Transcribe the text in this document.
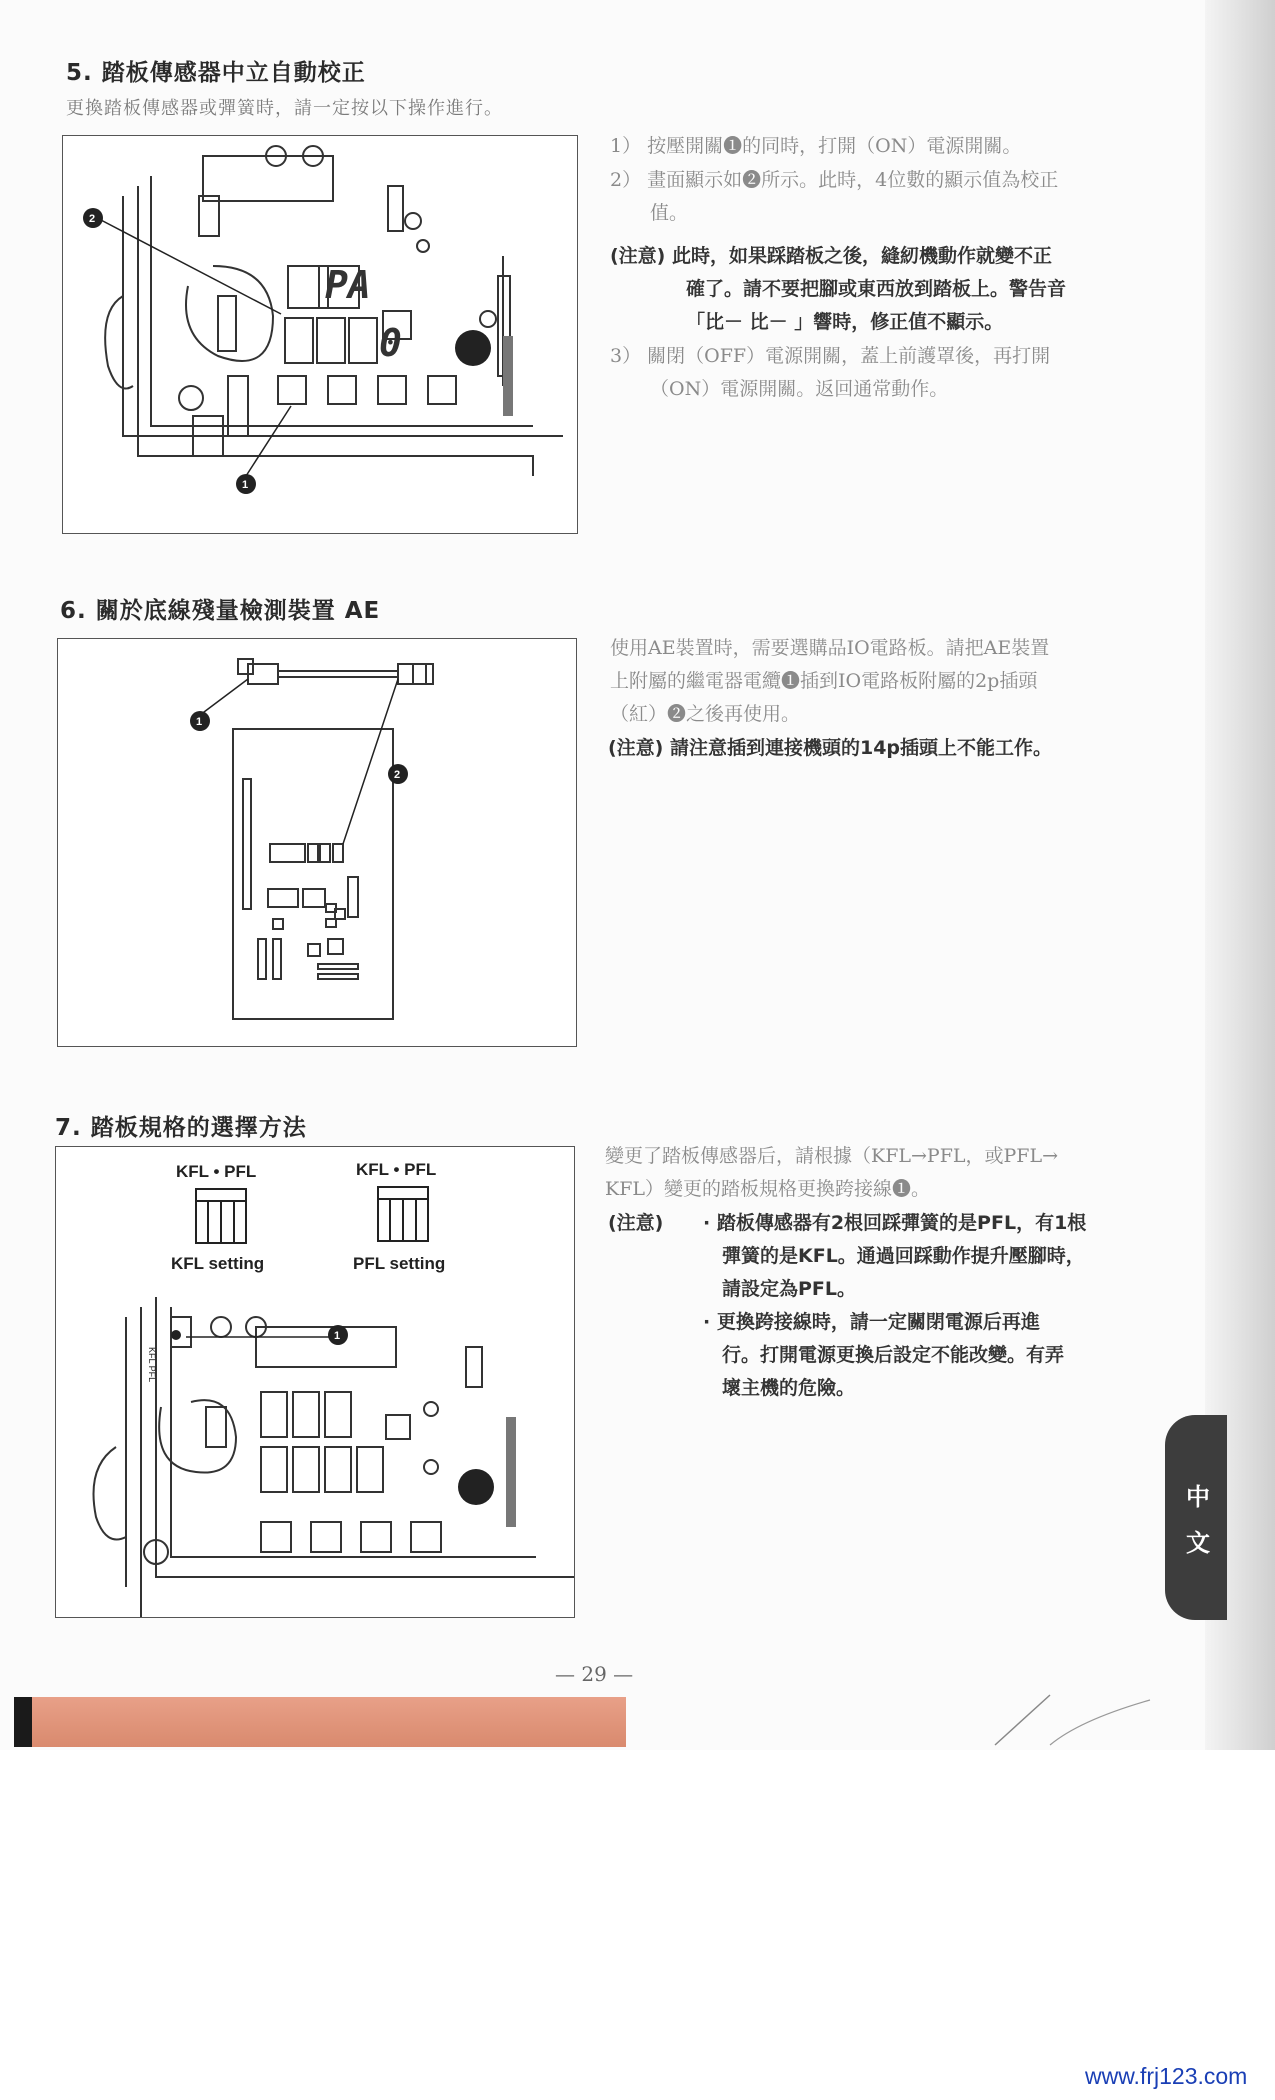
5. 踏板傳感器中立自動校正
更換踏板傳感器或彈簧時，請一定按以下操作進行。
PA
0
2
1
1） 按壓開關❶的同時，打開（ON）電源開關。
2） 畫面顯示如❷所示。此時，4位數的顯示值為校正
值。
(注意) 此時，如果踩踏板之後，縫紉機動作就變不正
確了。請不要把腳或東西放到踏板上。警告音
「比－ 比－ 」響時，修正值不顯示。
3） 關閉（OFF）電源開關，蓋上前護罩後，再打開
（ON）電源開關。返回通常動作。
6. 關於底線殘量檢測裝置 AE
1
2
使用AE裝置時，需要選購品IO電路板。請把AE裝置
上附屬的繼電器電纜❶插到IO電路板附屬的2p插頭
（紅）❷之後再使用。
(注意) 請注意插到連接機頭的14p插頭上不能工作。
7. 踏板規格的選擇方法
KFL • PFL	KFL • PFL
KFL setting	PFL setting
KFL PFL
1
變更了踏板傳感器后，請根據（KFL→PFL，或PFL→
KFL）變更的踏板規格更換跨接線❶。
(注意) · 踏板傳感器有2根回踩彈簧的是PFL，有1根
彈簧的是KFL。通過回踩動作提升壓腳時，
請設定為PFL。
· 更換跨接線時，請一定關閉電源后再進
行。打開電源更換后設定不能改變。有弄
壞主機的危險。
中
文
— 29 —
www.frj123.com
